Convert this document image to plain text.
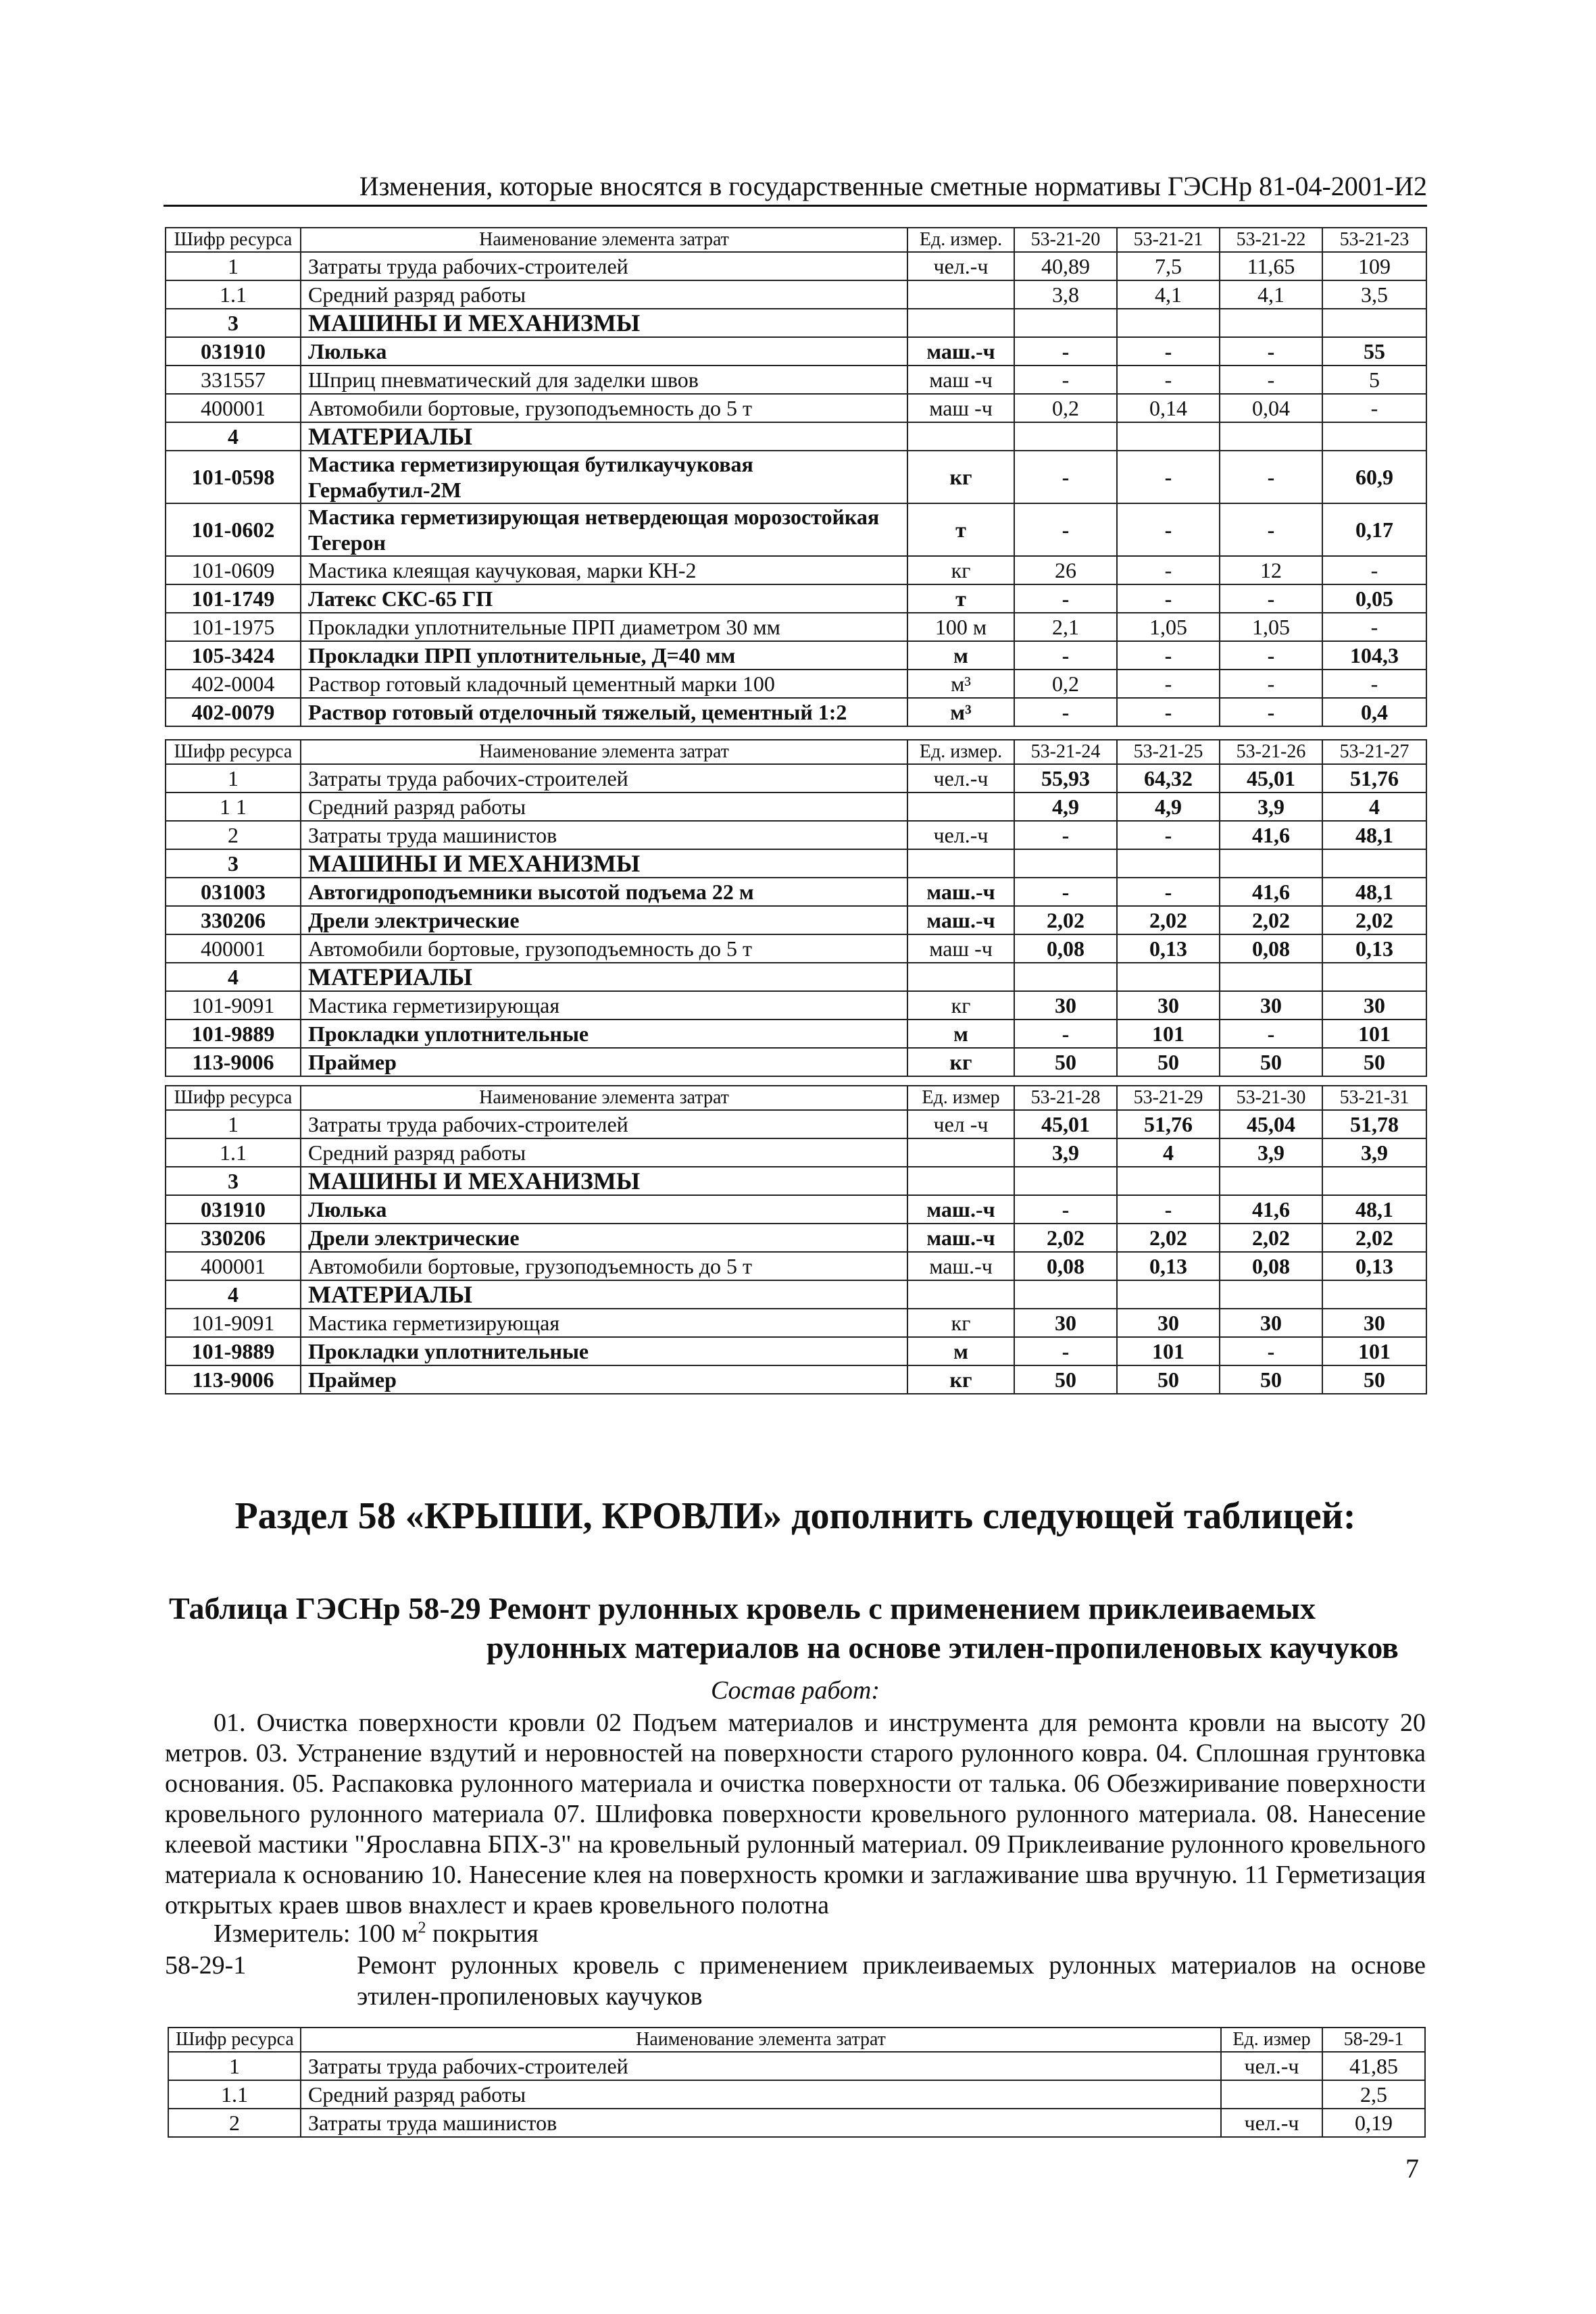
Изменения, которые вносятся в государственные сметные нормативы ГЭСНр 81-04-2001-И2
Шифр ресурса	Наименование элемента затрат	Ед. измер.	53-21-20	53-21-21	53-21-22	53-21-23
1	Затраты труда рабочих-строителей	чел.-ч	40,89	7,5	11,65	109
1.1	Средний разряд работы		3,8	4,1	4,1	3,5
3	МАШИНЫ И МЕХАНИЗМЫ					
031910	Люлька	маш.-ч	-	-	-	55
331557	Шприц пневматический для заделки швов	маш -ч	-	-	-	5
400001	Автомобили бортовые, грузоподъемность до 5 т	маш -ч	0,2	0,14	0,04	-
4	МАТЕРИАЛЫ					
101-0598	Мастика герметизирующая бутилкаучуковая Гермабутил-2М	кг	-	-	-	60,9
101-0602	Мастика герметизирующая нетвердеющая морозостойкая Тегерон	т	-	-	-	0,17
101-0609	Мастика клеящая каучуковая, марки КН-2	кг	26	-	12	-
101-1749	Латекс СКС-65 ГП	т	-	-	-	0,05
101-1975	Прокладки уплотнительные ПРП диаметром 30 мм	100 м	2,1	1,05	1,05	-
105-3424	Прокладки ПРП уплотнительные, Д=40 мм	м	-	-	-	104,3
402-0004	Раствор готовый кладочный цементный марки 100	м³	0,2	-	-	-
402-0079	Раствор готовый отделочный тяжелый, цементный 1:2	м³	-	-	-	0,4
Шифр ресурса	Наименование элемента затрат	Ед. измер.	53-21-24	53-21-25	53-21-26	53-21-27
1	Затраты труда рабочих-строителей	чел.-ч	55,93	64,32	45,01	51,76
1 1	Средний разряд работы		4,9	4,9	3,9	4
2	Затраты труда машинистов	чел.-ч	-	-	41,6	48,1
3	МАШИНЫ И МЕХАНИЗМЫ					
031003	Автогидроподъемники высотой подъема 22 м	маш.-ч	-	-	41,6	48,1
330206	Дрели электрические	маш.-ч	2,02	2,02	2,02	2,02
400001	Автомобили бортовые, грузоподъемность до 5 т	маш -ч	0,08	0,13	0,08	0,13
4	МАТЕРИАЛЫ					
101-9091	Мастика герметизирующая	кг	30	30	30	30
101-9889	Прокладки уплотнительные	м	-	101	-	101
113-9006	Праймер	кг	50	50	50	50
Шифр ресурса	Наименование элемента затрат	Ед. измер	53-21-28	53-21-29	53-21-30	53-21-31
1	Затраты труда рабочих-строителей	чел -ч	45,01	51,76	45,04	51,78
1.1	Средний разряд работы		3,9	4	3,9	3,9
3	МАШИНЫ И МЕХАНИЗМЫ					
031910	Люлька	маш.-ч	-	-	41,6	48,1
330206	Дрели электрические	маш.-ч	2,02	2,02	2,02	2,02
400001	Автомобили бортовые, грузоподъемность до 5 т	маш.-ч	0,08	0,13	0,08	0,13
4	МАТЕРИАЛЫ					
101-9091	Мастика герметизирующая	кг	30	30	30	30
101-9889	Прокладки уплотнительные	м	-	101	-	101
113-9006	Праймер	кг	50	50	50	50
Раздел 58 «КРЫШИ, КРОВЛИ» дополнить следующей таблицей:
Таблица ГЭСНр 58-29 Ремонт рулонных кровель с применением приклеиваемых
рулонных материалов на основе этилен-пропиленовых каучуков
Состав работ:
01. Очистка поверхности кровли 02 Подъем материалов и инструмента для ремонта кровли на высоту 20 метров. 03. Устранение вздутий и неровностей на поверхности старого рулонного ковра. 04. Сплошная грунтовка основания. 05. Распаковка рулонного материала и очистка поверхности от талька. 06 Обезжиривание поверхности кровельного рулонного материала 07. Шлифовка поверхности кровельного рулонного материала. 08. Нанесение клеевой мастики "Ярославна БПХ-3" на кровельный рулонный материал. 09 Приклеивание рулонного кровельного материала к основанию 10. Нанесение клея на поверхность кромки и заглаживание шва вручную. 11 Герметизация открытых краев швов внахлест и краев кровельного полотна
Измеритель: 100 $м^2$ покрытия
58-29-1	Ремонт рулонных кровель с применением приклеиваемых рулонных материалов на основе этилен-пропиленовых каучуков
Шифр ресурса	Наименование элемента затрат	Ед. измер	58-29-1
1	Затраты труда рабочих-строителей	чел.-ч	41,85
1.1	Средний разряд работы		2,5
2	Затраты труда машинистов	чел.-ч	0,19
7
